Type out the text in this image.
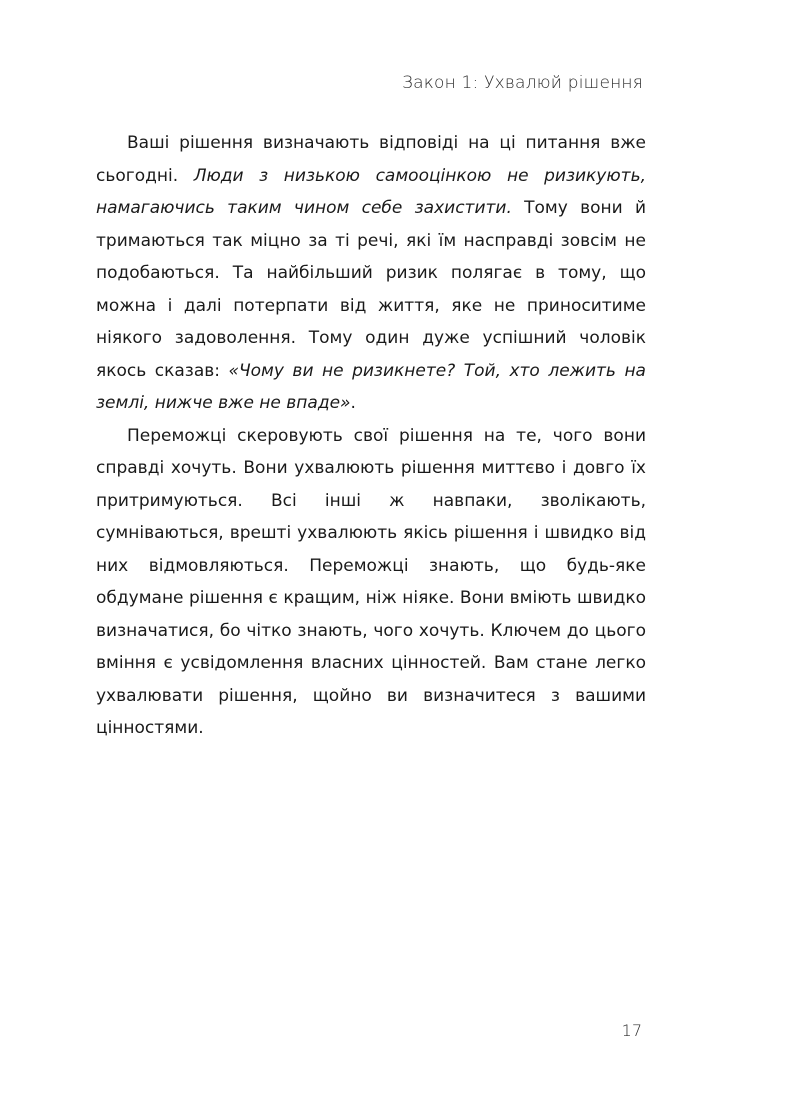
Закон 1: Ухвалюй рішення

Ваші рішення визначають відповіді на ці питання вже сьогодні. Люди з низькою самооцінкою не ризикують, намагаючись таким чином себе захистити. Тому вони й тримаються так міцно за ті речі, які їм насправді зовсім не подобаються. Та найбільший ризик полягає в тому, що можна і далі потерпати від життя, яке не приноситиме ніякого задоволення. Тому один дуже успішний чоловік якось сказав: «Чому ви не ризикнете? Той, хто лежить на землі, нижче вже не впаде».

Переможці скеровують свої рішення на те, чого вони справді хочуть. Вони ухвалюють рішення миттєво і довго їх притримуються. Всі інші ж навпаки, зволікають, сумніваються, врешті ухвалюють якісь рішення і швидко від них відмовляються. Переможці знають, що будь-яке обдумане рішення є кращим, ніж ніяке. Вони вміють швидко визначатися, бо чітко знають, чого хочуть. Ключем до цього вміння є усвідомлення власних цінностей. Вам стане легко ухвалювати рішення, щойно ви визначитеся з вашими цінностями.

17
